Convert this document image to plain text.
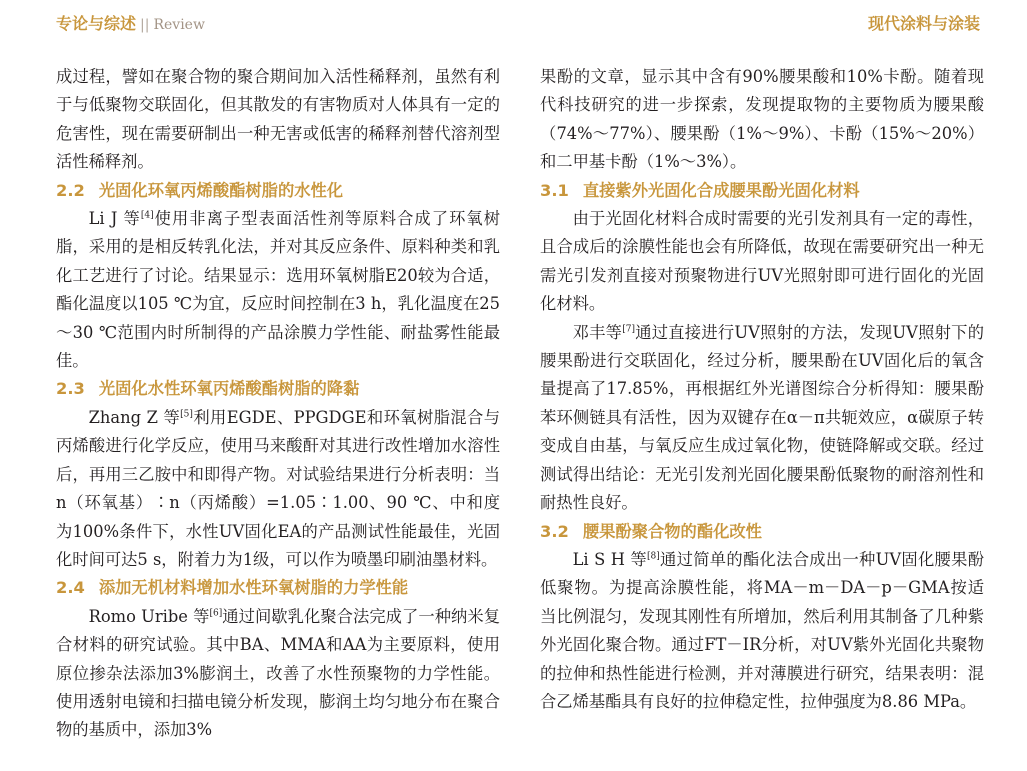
专论与综述 || Review	现代涂料与涂装

成过程，譬如在聚合物的聚合期间加入活性稀释剂，虽然有利于与低聚物交联固化，但其散发的有害物质对人体具有一定的危害性，现在需要研制出一种无害或低害的稀释剂替代溶剂型活性稀释剂。

2.2 光固化环氧丙烯酸酯树脂的水性化

Li J 等[4]使用非离子型表面活性剂等原料合成了环氧树脂，采用的是相反转乳化法，并对其反应条件、原料种类和乳化工艺进行了讨论。结果显示：选用环氧树脂E20较为合适，酯化温度以105 ℃为宜，反应时间控制在3 h，乳化温度在25～30 ℃范围内时所制得的产品涂膜力学性能、耐盐雾性能最佳。

2.3 光固化水性环氧丙烯酸酯树脂的降黏

Zhang Z 等[5]利用EGDE、PPGDGE和环氧树脂混合与丙烯酸进行化学反应，使用马来酸酐对其进行改性增加水溶性后，再用三乙胺中和即得产物。对试验结果进行分析表明：当n（环氧基）∶n（丙烯酸）=1.05∶1.00、90 ℃、中和度为100%条件下，水性UV固化EA的产品测试性能最佳，光固化时间可达5 s，附着力为1级，可以作为喷墨印刷油墨材料。

2.4 添加无机材料增加水性环氧树脂的力学性能

Romo Uribe 等[6]通过间歇乳化聚合法完成了一种纳米复合材料的研究试验。其中BA、MMA和AA为主要原料，使用原位掺杂法添加3%膨润土，改善了水性预聚物的力学性能。使用透射电镜和扫描电镜分析发现，膨润土均匀地分布在聚合物的基质中，添加3%

果酚的文章，显示其中含有90%腰果酸和10%卡酚。随着现代科技研究的进一步探索，发现提取物的主要物质为腰果酸（74%～77%）、腰果酚（1%～9%）、卡酚（15%～20%）和二甲基卡酚（1%～3%）。

3.1 直接紫外光固化合成腰果酚光固化材料

由于光固化材料合成时需要的光引发剂具有一定的毒性，且合成后的涂膜性能也会有所降低，故现在需要研究出一种无需光引发剂直接对预聚物进行UV光照射即可进行固化的光固化材料。

邓丰等[7]通过直接进行UV照射的方法，发现UV照射下的腰果酚进行交联固化，经过分析，腰果酚在UV固化后的氧含量提高了17.85%，再根据红外光谱图综合分析得知：腰果酚苯环侧链具有活性，因为双键存在α－π共轭效应，α碳原子转变成自由基，与氧反应生成过氧化物，使链降解或交联。经过测试得出结论：无光引发剂光固化腰果酚低聚物的耐溶剂性和耐热性良好。

3.2 腰果酚聚合物的酯化改性

Li S H 等[8]通过简单的酯化法合成出一种UV固化腰果酚低聚物。为提高涂膜性能，将MA－m－DA－p－GMA按适当比例混匀，发现其刚性有所增加，然后利用其制备了几种紫外光固化聚合物。通过FT－IR分析，对UV紫外光固化共聚物的拉伸和热性能进行检测，并对薄膜进行研究，结果表明：混合乙烯基酯具有良好的拉伸稳定性，拉伸强度为8.86 MPa。
